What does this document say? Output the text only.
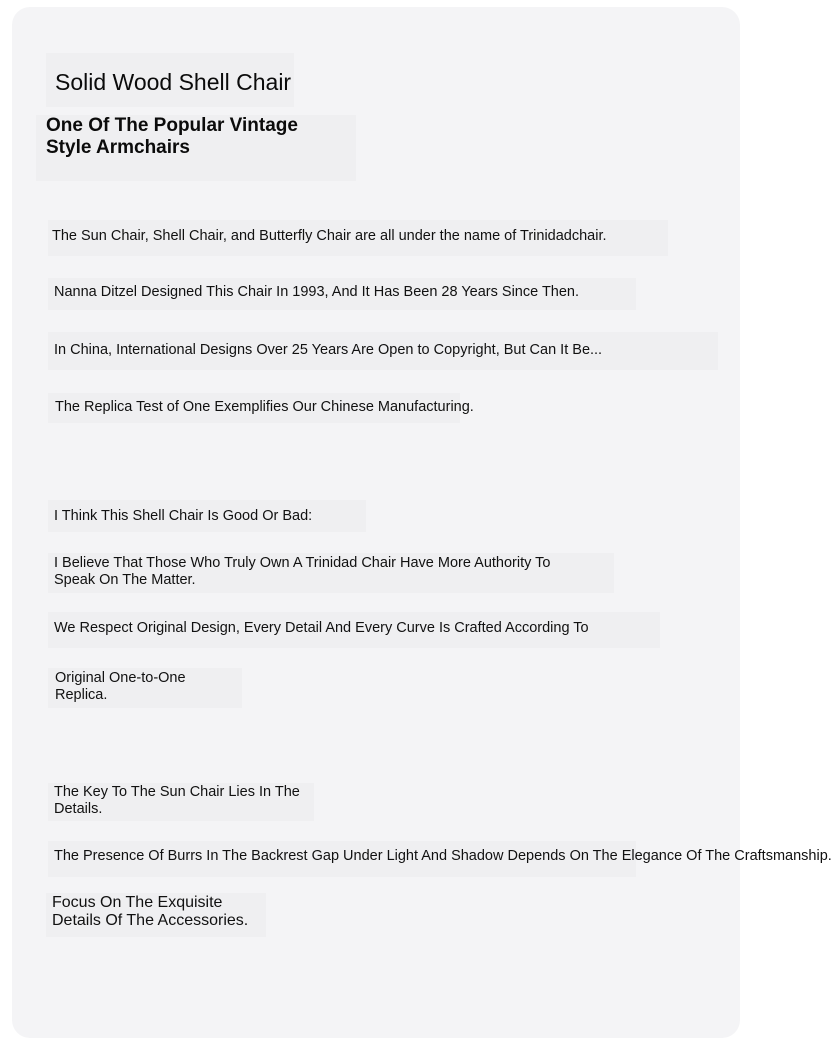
Solid Wood Shell Chair
One Of The Popular Vintage
Style Armchairs
The Sun Chair, Shell Chair, and Butterfly Chair are all under the name of Trinidadchair.
Nanna Ditzel Designed This Chair In 1993, And It Has Been 28 Years Since Then.
In China, International Designs Over 25 Years Are Open to Copyright, But Can It Be...
The Replica Test of One Exemplifies Our Chinese Manufacturing.
I Think This Shell Chair Is Good Or Bad:
I Believe That Those Who Truly Own A Trinidad Chair Have More Authority To
Speak On The Matter.
We Respect Original Design, Every Detail And Every Curve Is Crafted According To
Original One-to-One
Replica.
The Key To The Sun Chair Lies In The
Details.
The Presence Of Burrs In The Backrest Gap Under Light And Shadow Depends On The Elegance Of The Craftsmanship.
Focus On The Exquisite
Details Of The Accessories.
